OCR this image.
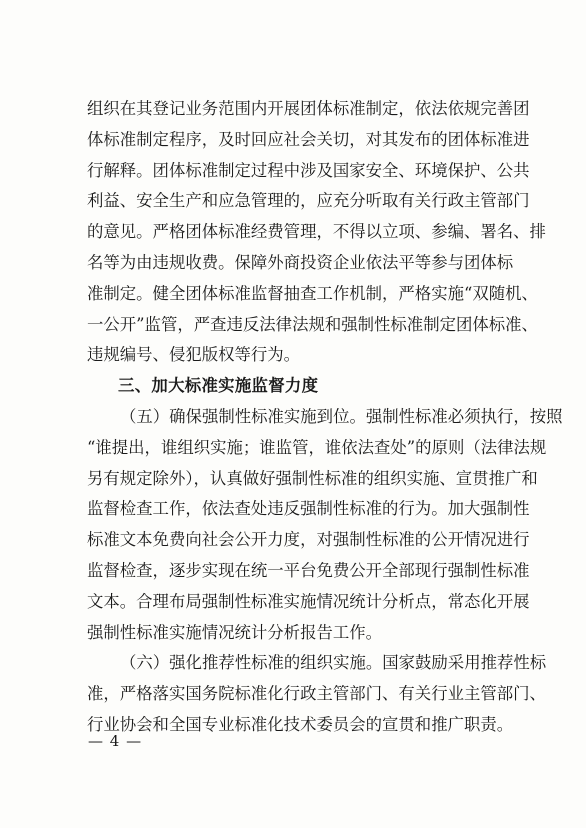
组织在其登记业务范围内开展团体标准制定，依法依规完善团
体标准制定程序，及时回应社会关切，对其发布的团体标准进
行解释。团体标准制定过程中涉及国家安全、环境保护、公共
利益、安全生产和应急管理的，应充分听取有关行政主管部门
的意见。严格团体标准经费管理，不得以立项、参编、署名、排
名等为由违规收费。保障外商投资企业依法平等参与团体标
准制定。健全团体标准监督抽查工作机制，严格实施“双随机、
一公开”监管，严查违反法律法规和强制性标准制定团体标准、
违规编号、侵犯版权等行为。
三、加大标准实施监督力度
（五）确保强制性标准实施到位。强制性标准必须执行，按照
“谁提出，谁组织实施；谁监管，谁依法查处”的原则（法律法规
另有规定除外），认真做好强制性标准的组织实施、宣贯推广和
监督检查工作，依法查处违反强制性标准的行为。加大强制性
标准文本免费向社会公开力度，对强制性标准的公开情况进行
监督检查，逐步实现在统一平台免费公开全部现行强制性标准
文本。合理布局强制性标准实施情况统计分析点，常态化开展
强制性标准实施情况统计分析报告工作。
（六）强化推荐性标准的组织实施。国家鼓励采用推荐性标
准，严格落实国务院标准化行政主管部门、有关行业主管部门、
行业协会和全国专业标准化技术委员会的宣贯和推广职责。
— 4 —
